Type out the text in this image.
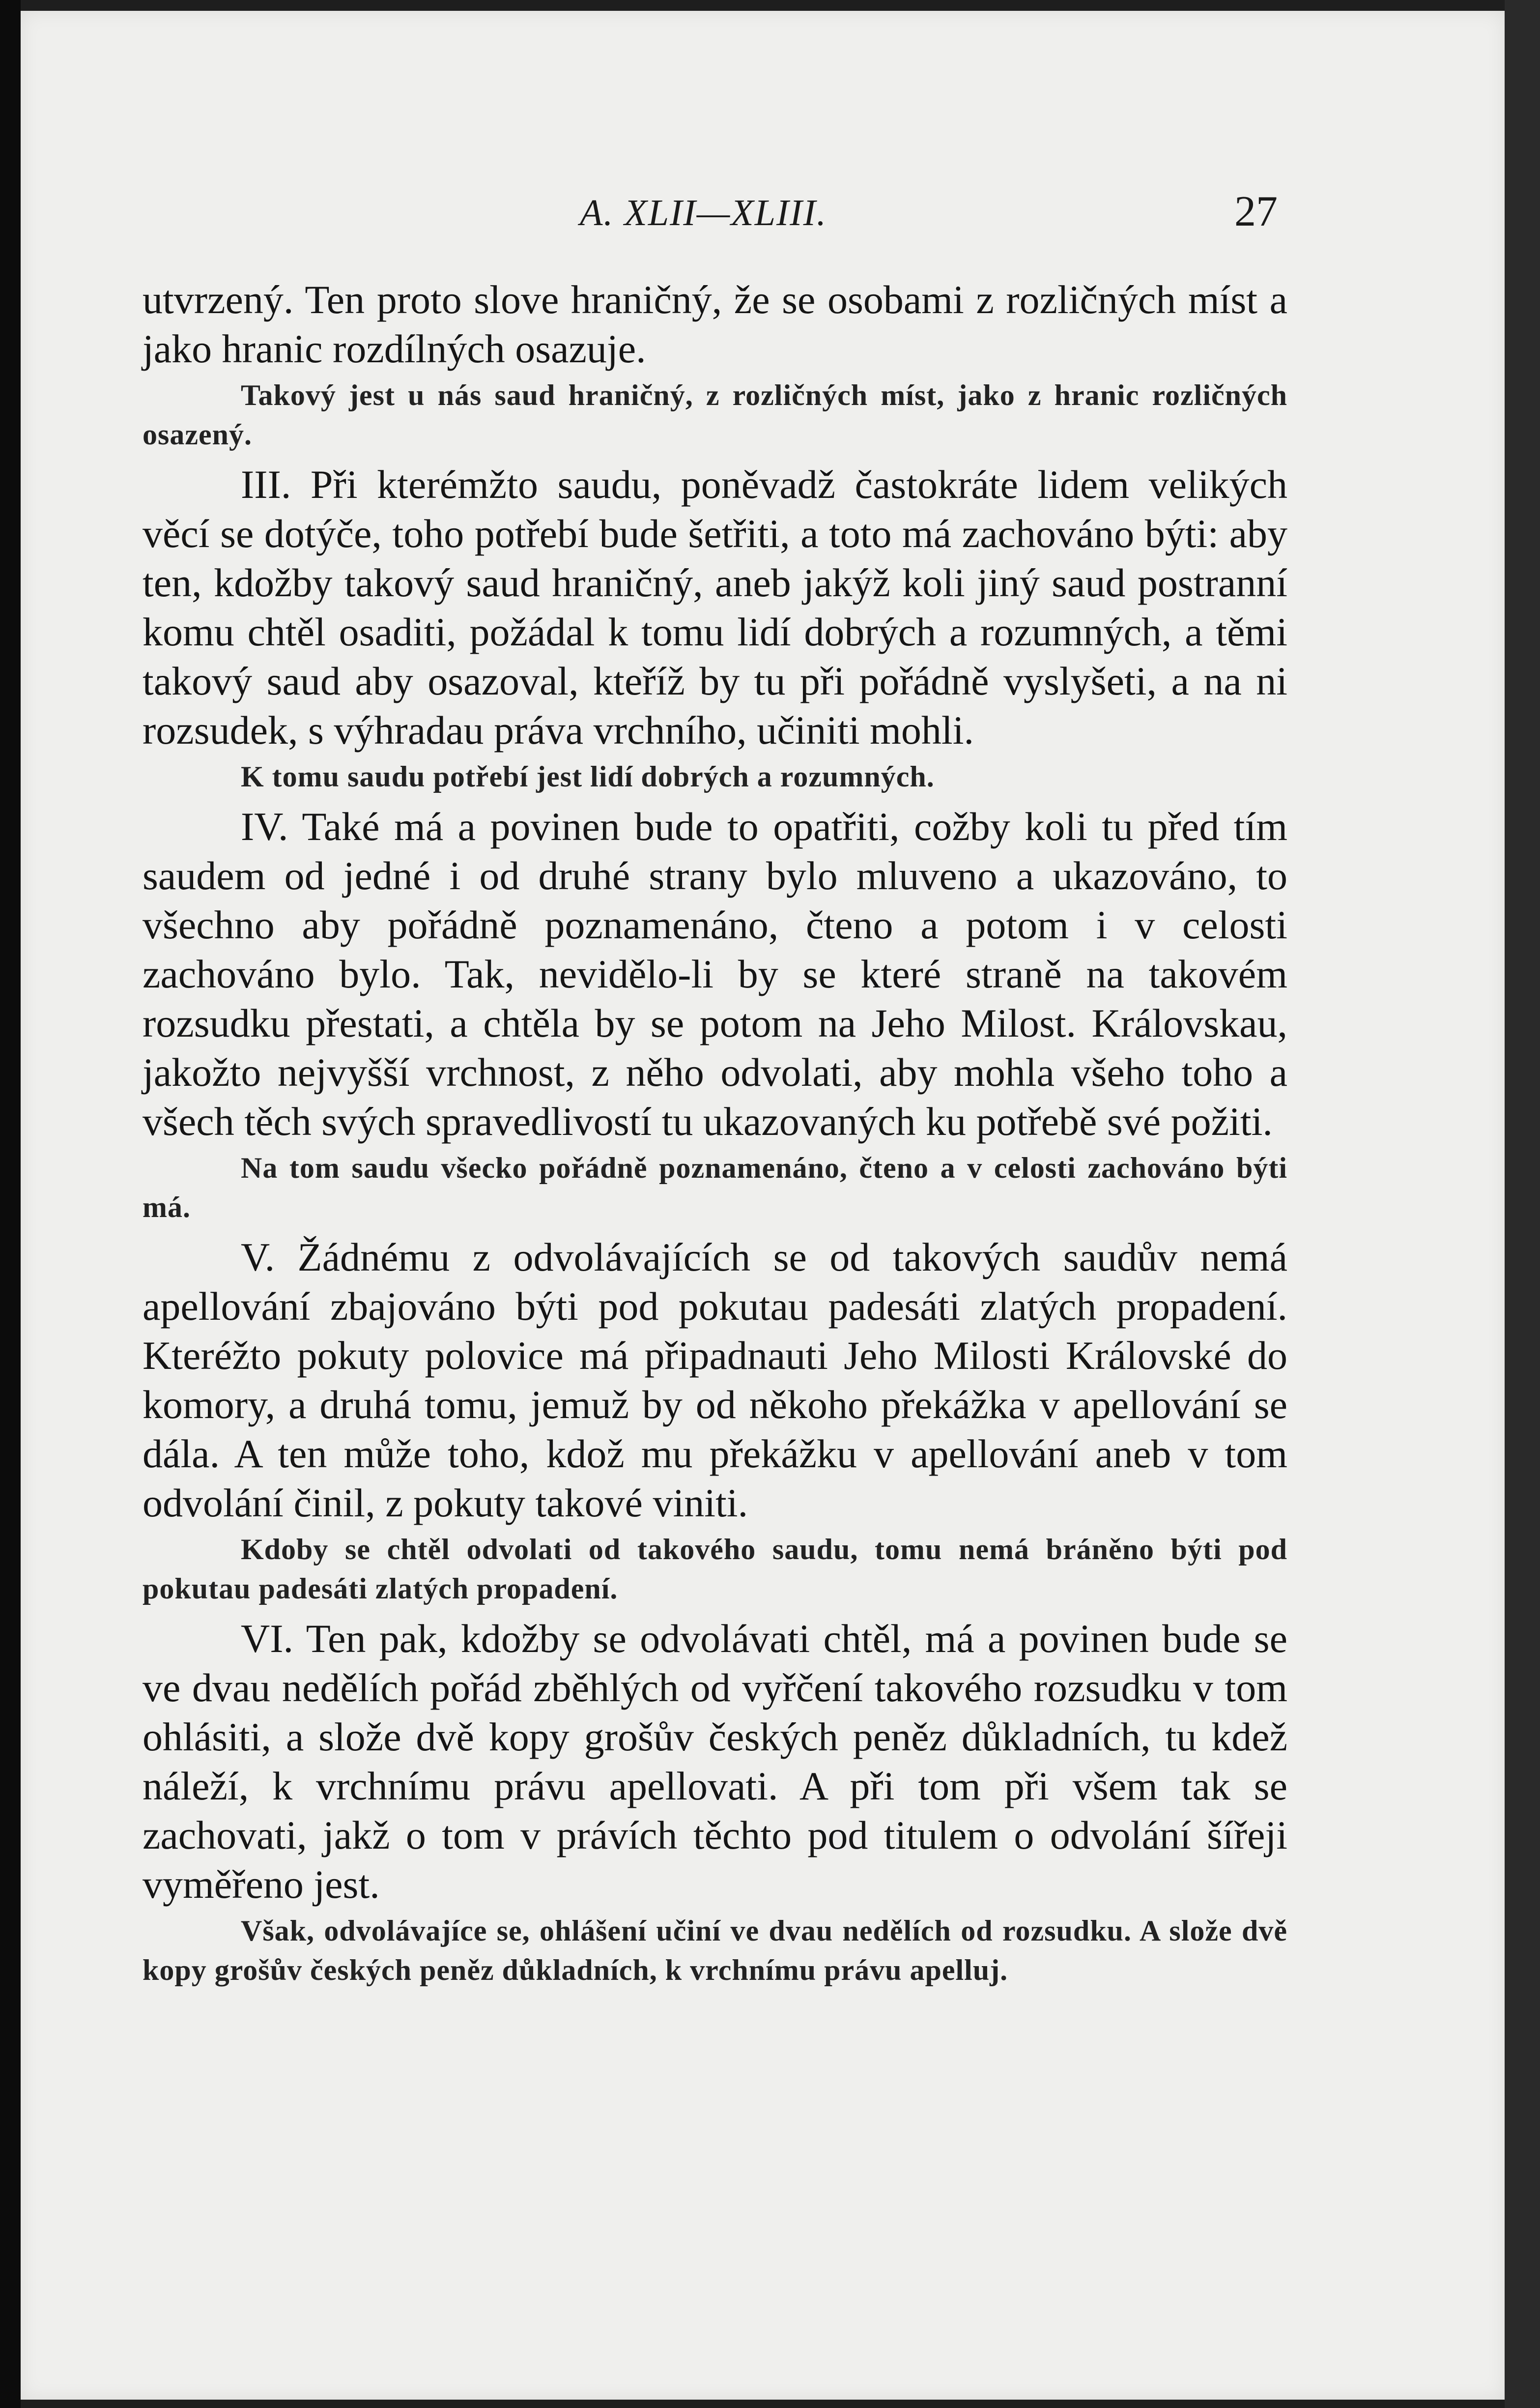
A. XLII—XLIII.	27

utvrzený. Ten proto slove hraničný, že se osobami z rozličných míst a jako hranic rozdílných osazuje.

Takový jest u nás saud hraničný, z rozličných míst, jako z hranic rozličných osazený.

III. Při kterémžto saudu, poněvadž častokráte lidem velikých věcí se dotýče, toho potřebí bude šetřiti, a toto má zachováno býti: aby ten, kdožby takový saud hraničný, aneb jakýž koli jiný saud postranní komu chtěl osaditi, požádal k tomu lidí dobrých a rozumných, a těmi takový saud aby osazoval, kteříž by tu při pořádně vyslyšeti, a na ni rozsudek, s výhradau práva vrchního, učiniti mohli.

K tomu saudu potřebí jest lidí dobrých a rozumných.

IV. Také má a povinen bude to opatřiti, cožby koli tu před tím saudem od jedné i od druhé strany bylo mluveno a ukazováno, to všechno aby pořádně poznamenáno, čteno a potom i v celosti zachováno bylo. Tak, nevidělo-li by se které straně na takovém rozsudku přestati, a chtěla by se potom na Jeho Milost. Královskau, jakožto nejvyšší vrchnost, z něho odvolati, aby mohla všeho toho a všech těch svých spravedlivostí tu ukazovaných ku potřebě své požiti.

Na tom saudu všecko pořádně poznamenáno, čteno a v celosti zachováno býti má.

V. Žádnému z odvolávajících se od takových saudův nemá apellování zbajováno býti pod pokutau padesáti zlatých propadení. Kteréžto pokuty polovice má připadnauti Jeho Milosti Královské do komory, a druhá tomu, jemuž by od někoho překážka v apellování se dála. A ten může toho, kdož mu překážku v apellování aneb v tom odvolání činil, z pokuty takové viniti.

Kdoby se chtěl odvolati od takového saudu, tomu nemá bráněno býti pod pokutau padesáti zlatých propadení.

VI. Ten pak, kdožby se odvolávati chtěl, má a povinen bude se ve dvau nedělích pořád zběhlých od vyřčení takového rozsudku v tom ohlásiti, a slože dvě kopy grošův českých peněz důkladních, tu kdež náleží, k vrchnímu právu apellovati. A při tom při všem tak se zachovati, jakž o tom v právích těchto pod titulem o odvolání šířeji vyměřeno jest.

Však, odvolávajíce se, ohlášení učiní ve dvau nedělích od rozsudku. A slože dvě kopy grošův českých peněz důkladních, k vrchnímu právu apelluj.
